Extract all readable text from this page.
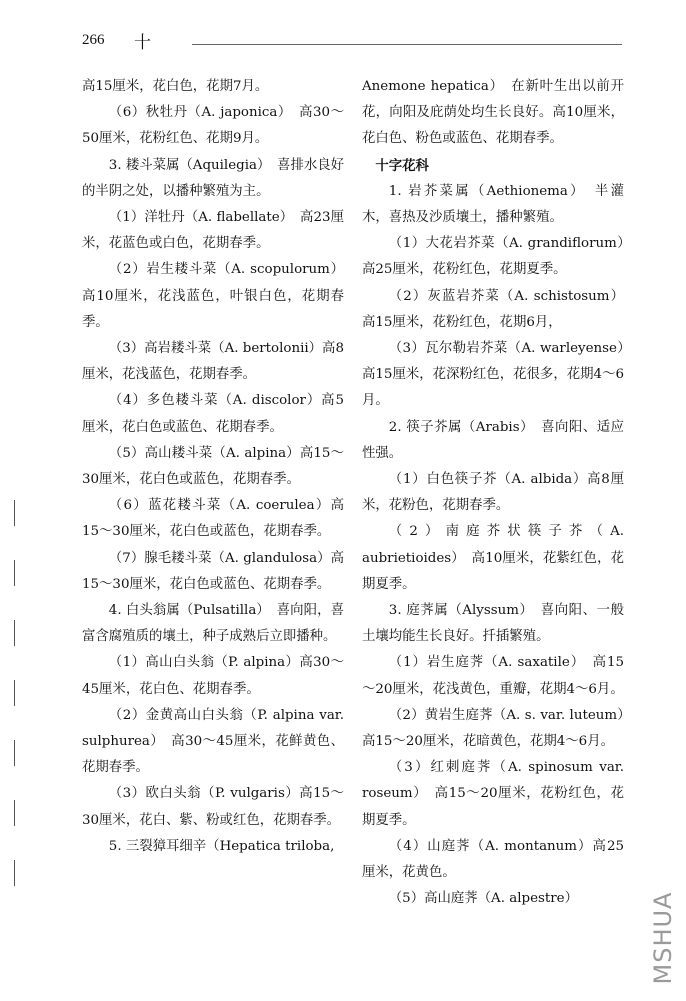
266 十

高15厘米，花白色，花期7月。

（6）秋牡丹（A. japonica）　高30～50厘米，花粉红色、花期9月。

3. 耧斗菜属（Aquilegia）　喜排水良好的半阴之处，以播种繁殖为主。

（1）洋牡丹（A. flabellate）　高23厘米，花蓝色或白色，花期春季。

（2）岩生耧斗菜（A. scopulorum）高10厘米，花浅蓝色，叶银白色，花期春季。

（3）高岩耧斗菜（A. bertolonii）高8厘米，花浅蓝色，花期春季。

（4）多色耧斗菜（A. discolor）高5厘米，花白色或蓝色、花期春季。

（5）高山耧斗菜（A. alpina）高15～30厘米，花白色或蓝色，花期春季。

（6）蓝花耧斗菜（A. coerulea）高15～30厘米，花白色或蓝色，花期春季。

（7）腺毛耧斗菜（A. glandulosa）高15～30厘米，花白色或蓝色、花期春季。

4. 白头翁属（Pulsatilla）　喜向阳，喜富含腐殖质的壤土，种子成熟后立即播种。

（1）高山白头翁（P. alpina）高30～45厘米，花白色、花期春季。

（2）金黄高山白头翁（P. alpina var. sulphurea）　高30～45厘米，花鲜黄色、花期春季。

（3）欧白头翁（P. vulgaris）高15～30厘米，花白、紫、粉或红色，花期春季。

5. 三裂獐耳细辛（Hepatica triloba,

Anemone hepatica）　在新叶生出以前开花，向阳及庇荫处均生长良好。高10厘米，花白色、粉色或蓝色、花期春季。

十字花科

1. 岩芥菜属（Aethionema）　半灌木，喜热及沙质壤土，播种繁殖。

（1）大花岩芥菜（A. grandiflorum）　高25厘米，花粉红色，花期夏季。

（2）灰蓝岩芥菜（A. schistosum）高15厘米，花粉红色，花期6月，

（3）瓦尔勒岩芥菜（A. warleyense）　高15厘米，花深粉红色，花很多，花期4～6月。

2. 筷子芥属（Arabis）　喜向阳、适应性强。

（1）白色筷子芥（A. albida）高8厘米，花粉色，花期春季。

（2）南庭芥状筷子芥（A. aubrietioides）　高10厘米，花紫红色，花期夏季。

3. 庭荠属（Alyssum）　喜向阳、一般土壤均能生长良好。扦插繁殖。

（1）岩生庭荠（A. saxatile）　高15～20厘米，花浅黄色，重瓣，花期4～6月。

（2）黄岩生庭荠（A. s. var. luteum）　高15～20厘米，花暗黄色，花期4～6月。

（3）红刺庭荠（A. spinosum var. roseum）　高15～20厘米，花粉红色，花期夏季。

（4）山庭荠（A. montanum）高25厘米，花黄色。

（5）高山庭荠（A. alpestre）	MSHUA
